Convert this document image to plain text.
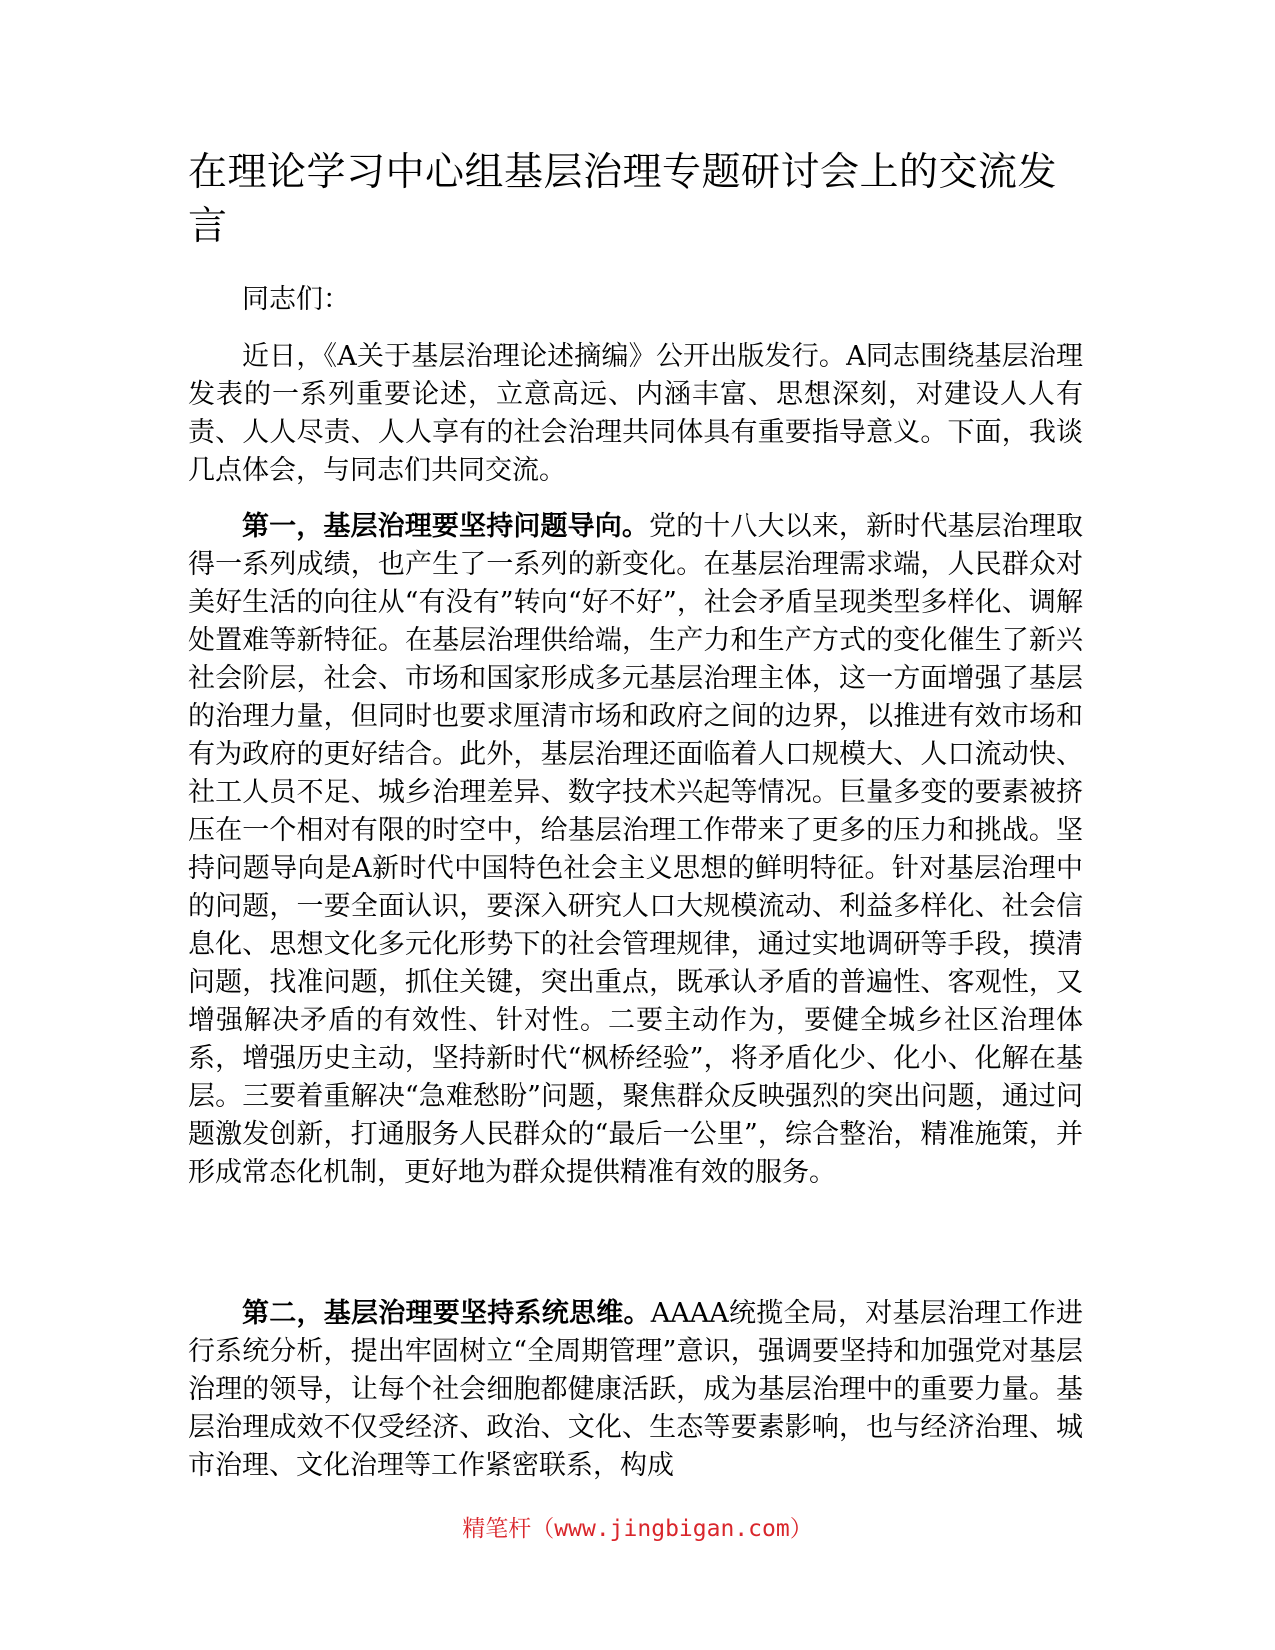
在理论学习中心组基层治理专题研讨会上的交流发言

同志们：

近日，《A关于基层治理论述摘编》公开出版发行。A同志围绕基层治理发表的一系列重要论述，立意高远、内涵丰富、思想深刻，对建设人人有责、人人尽责、人人享有的社会治理共同体具有重要指导意义。下面，我谈几点体会，与同志们共同交流。

第一，基层治理要坚持问题导向。党的十八大以来，新时代基层治理取得一系列成绩，也产生了一系列的新变化。在基层治理需求端，人民群众对美好生活的向往从“有没有”转向“好不好”，社会矛盾呈现类型多样化、调解处置难等新特征。在基层治理供给端，生产力和生产方式的变化催生了新兴社会阶层，社会、市场和国家形成多元基层治理主体，这一方面增强了基层的治理力量，但同时也要求厘清市场和政府之间的边界，以推进有效市场和有为政府的更好结合。此外，基层治理还面临着人口规模大、人口流动快、社工人员不足、城乡治理差异、数字技术兴起等情况。巨量多变的要素被挤压在一个相对有限的时空中，给基层治理工作带来了更多的压力和挑战。坚持问题导向是A新时代中国特色社会主义思想的鲜明特征。针对基层治理中的问题，一要全面认识，要深入研究人口大规模流动、利益多样化、社会信息化、思想文化多元化形势下的社会管理规律，通过实地调研等手段，摸清问题，找准问题，抓住关键，突出重点，既承认矛盾的普遍性、客观性，又增强解决矛盾的有效性、针对性。二要主动作为，要健全城乡社区治理体系，增强历史主动，坚持新时代“枫桥经验”，将矛盾化少、化小、化解在基层。三要着重解决“急难愁盼”问题，聚焦群众反映强烈的突出问题，通过问题激发创新，打通服务人民群众的“最后一公里”，综合整治，精准施策，并形成常态化机制，更好地为群众提供精准有效的服务。

第二，基层治理要坚持系统思维。AAAA统揽全局，对基层治理工作进行系统分析，提出牢固树立“全周期管理”意识，强调要坚持和加强党对基层治理的领导，让每个社会细胞都健康活跃，成为基层治理中的重要力量。基层治理成效不仅受经济、政治、文化、生态等要素影响，也与经济治理、城市治理、文化治理等工作紧密联系，构成

精笔杆（www.jingbigan.com）
